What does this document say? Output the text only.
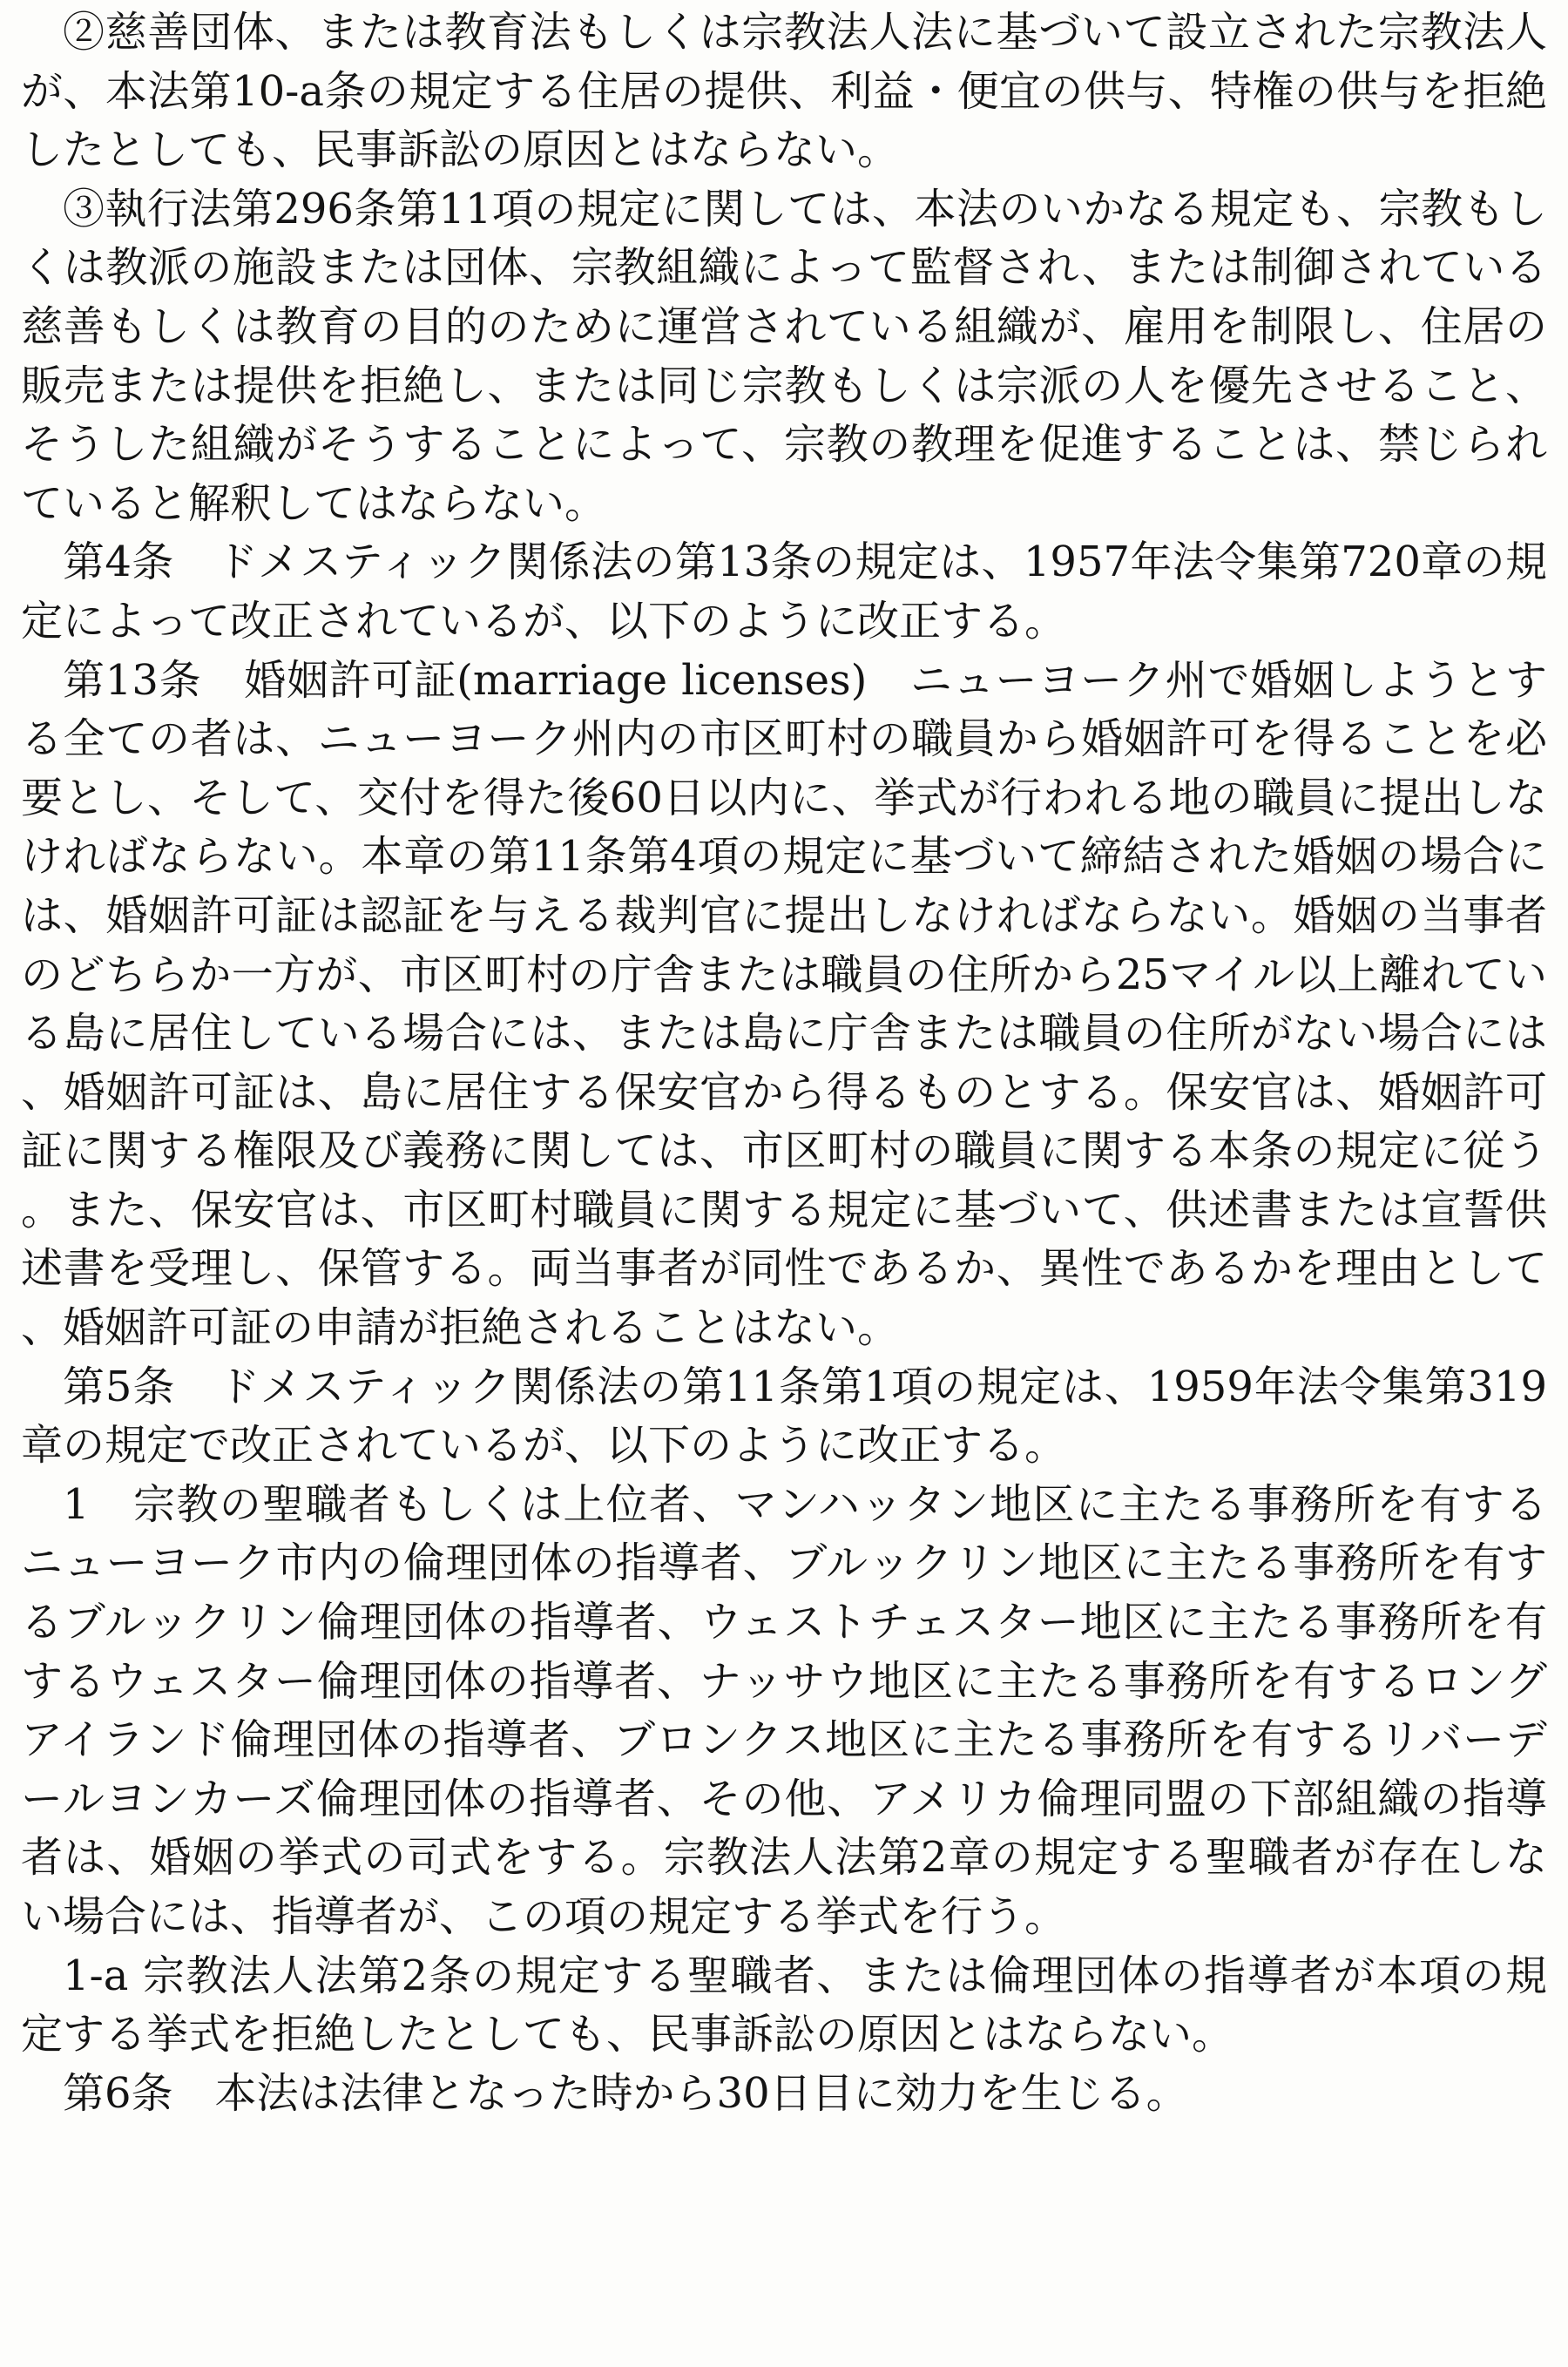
②慈善団体、または教育法もしくは宗教法人法に基づいて設立された宗教法人が、本法第10-a条の規定する住居の提供、利益・便宜の供与、特権の供与を拒絶したとしても、民事訴訟の原因とはならない。

③執行法第296条第11項の規定に関しては、本法のいかなる規定も、宗教もしくは教派の施設または団体、宗教組織によって監督され、または制御されている慈善もしくは教育の目的のために運営されている組織が、雇用を制限し、住居の販売または提供を拒絶し、または同じ宗教もしくは宗派の人を優先させること、そうした組織がそうすることによって、宗教の教理を促進することは、禁じられていると解釈してはならない。

第4条　ドメスティック関係法の第13条の規定は、1957年法令集第720章の規定によって改正されているが、以下のように改正する。

第13条　婚姻許可証(marriage licenses)　ニューヨーク州で婚姻しようとする全ての者は、ニューヨーク州内の市区町村の職員から婚姻許可を得ることを必要とし、そして、交付を得た後60日以内に、挙式が行われる地の職員に提出しなければならない。本章の第11条第4項の規定に基づいて締結された婚姻の場合には、婚姻許可証は認証を与える裁判官に提出しなければならない。婚姻の当事者のどちらか一方が、市区町村の庁舎または職員の住所から25マイル以上離れている島に居住している場合には、または島に庁舎または職員の住所がない場合には、婚姻許可証は、島に居住する保安官から得るものとする。保安官は、婚姻許可証に関する権限及び義務に関しては、市区町村の職員に関する本条の規定に従う。また、保安官は、市区町村職員に関する規定に基づいて、供述書または宣誓供述書を受理し、保管する。両当事者が同性であるか、異性であるかを理由として、婚姻許可証の申請が拒絶されることはない。

第5条　ドメスティック関係法の第11条第1項の規定は、1959年法令集第319章の規定で改正されているが、以下のように改正する。

1　宗教の聖職者もしくは上位者、マンハッタン地区に主たる事務所を有するニューヨーク市内の倫理団体の指導者、ブルックリン地区に主たる事務所を有するブルックリン倫理団体の指導者、ウェストチェスター地区に主たる事務所を有するウェスター倫理団体の指導者、ナッサウ地区に主たる事務所を有するロングアイランド倫理団体の指導者、ブロンクス地区に主たる事務所を有するリバーデールヨンカーズ倫理団体の指導者、その他、アメリカ倫理同盟の下部組織の指導者は、婚姻の挙式の司式をする。宗教法人法第2章の規定する聖職者が存在しない場合には、指導者が、この項の規定する挙式を行う。

1-a 宗教法人法第2条の規定する聖職者、または倫理団体の指導者が本項の規定する挙式を拒絶したとしても、民事訴訟の原因とはならない。

第6条　本法は法律となった時から30日目に効力を生じる。
